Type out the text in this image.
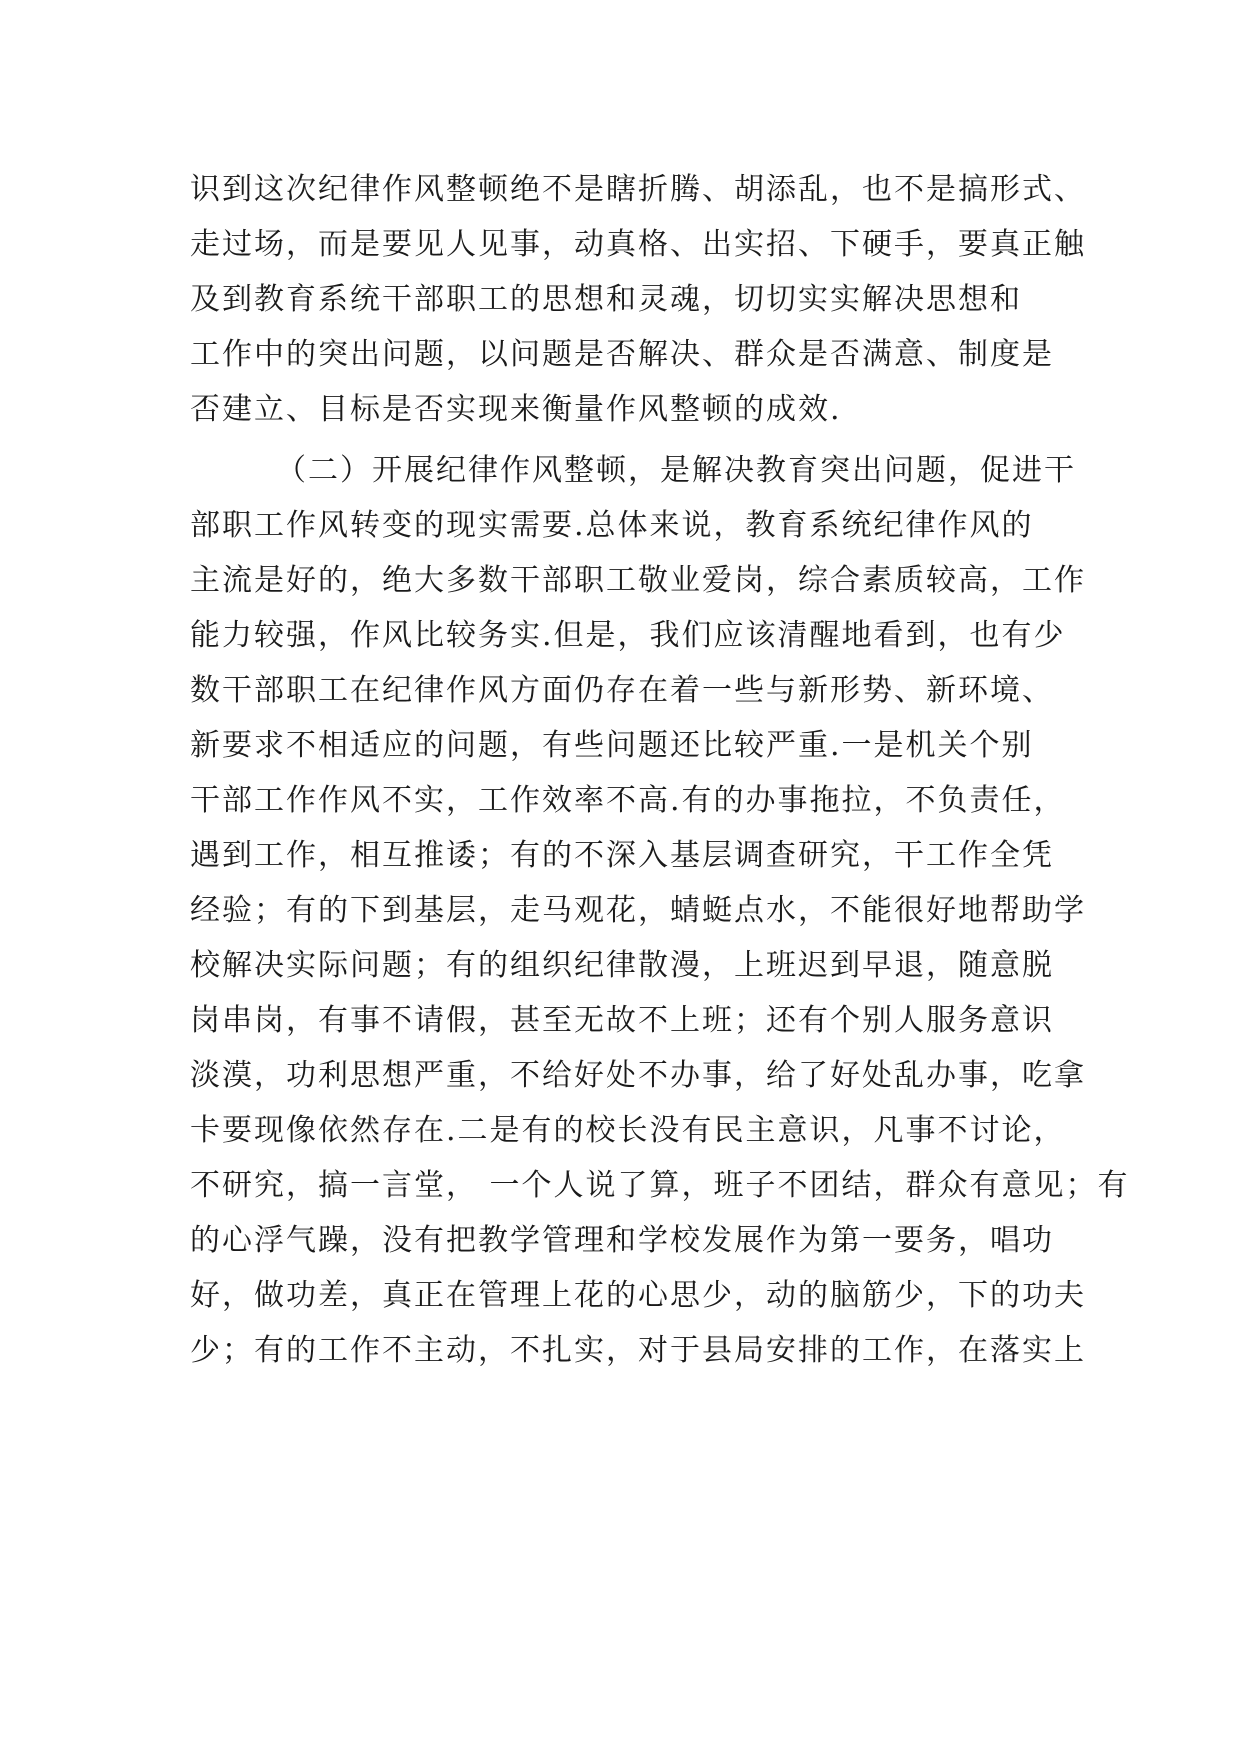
识到这次纪律作风整顿绝不是瞎折腾、胡添乱，也不是搞形式、
走过场，而是要见人见事，动真格、出实招、下硬手，要真正触
及到教育系统干部职工的思想和灵魂，切切实实解决思想和
工作中的突出问题，以问题是否解决、群众是否满意、制度是
否建立、目标是否实现来衡量作风整顿的成效.
（二）开展纪律作风整顿，是解决教育突出问题，促进干
部职工作风转变的现实需要.总体来说，教育系统纪律作风的
主流是好的，绝大多数干部职工敬业爱岗，综合素质较高，工作
能力较强，作风比较务实.但是，我们应该清醒地看到，也有少
数干部职工在纪律作风方面仍存在着一些与新形势、新环境、
新要求不相适应的问题，有些问题还比较严重.一是机关个别
干部工作作风不实，工作效率不高.有的办事拖拉，不负责任，
遇到工作，相互推诿；有的不深入基层调查研究，干工作全凭
经验；有的下到基层，走马观花，蜻蜓点水，不能很好地帮助学
校解决实际问题；有的组织纪律散漫，上班迟到早退，随意脱
岗串岗，有事不请假，甚至无故不上班；还有个别人服务意识
淡漠，功利思想严重，不给好处不办事，给了好处乱办事，吃拿
卡要现像依然存在.二是有的校长没有民主意识，凡事不讨论，
不研究，搞一言堂， 一个人说了算，班子不团结，群众有意见；有
的心浮气躁，没有把教学管理和学校发展作为第一要务，唱功
好，做功差，真正在管理上花的心思少，动的脑筋少，下的功夫
少；有的工作不主动，不扎实，对于县局安排的工作，在落实上
